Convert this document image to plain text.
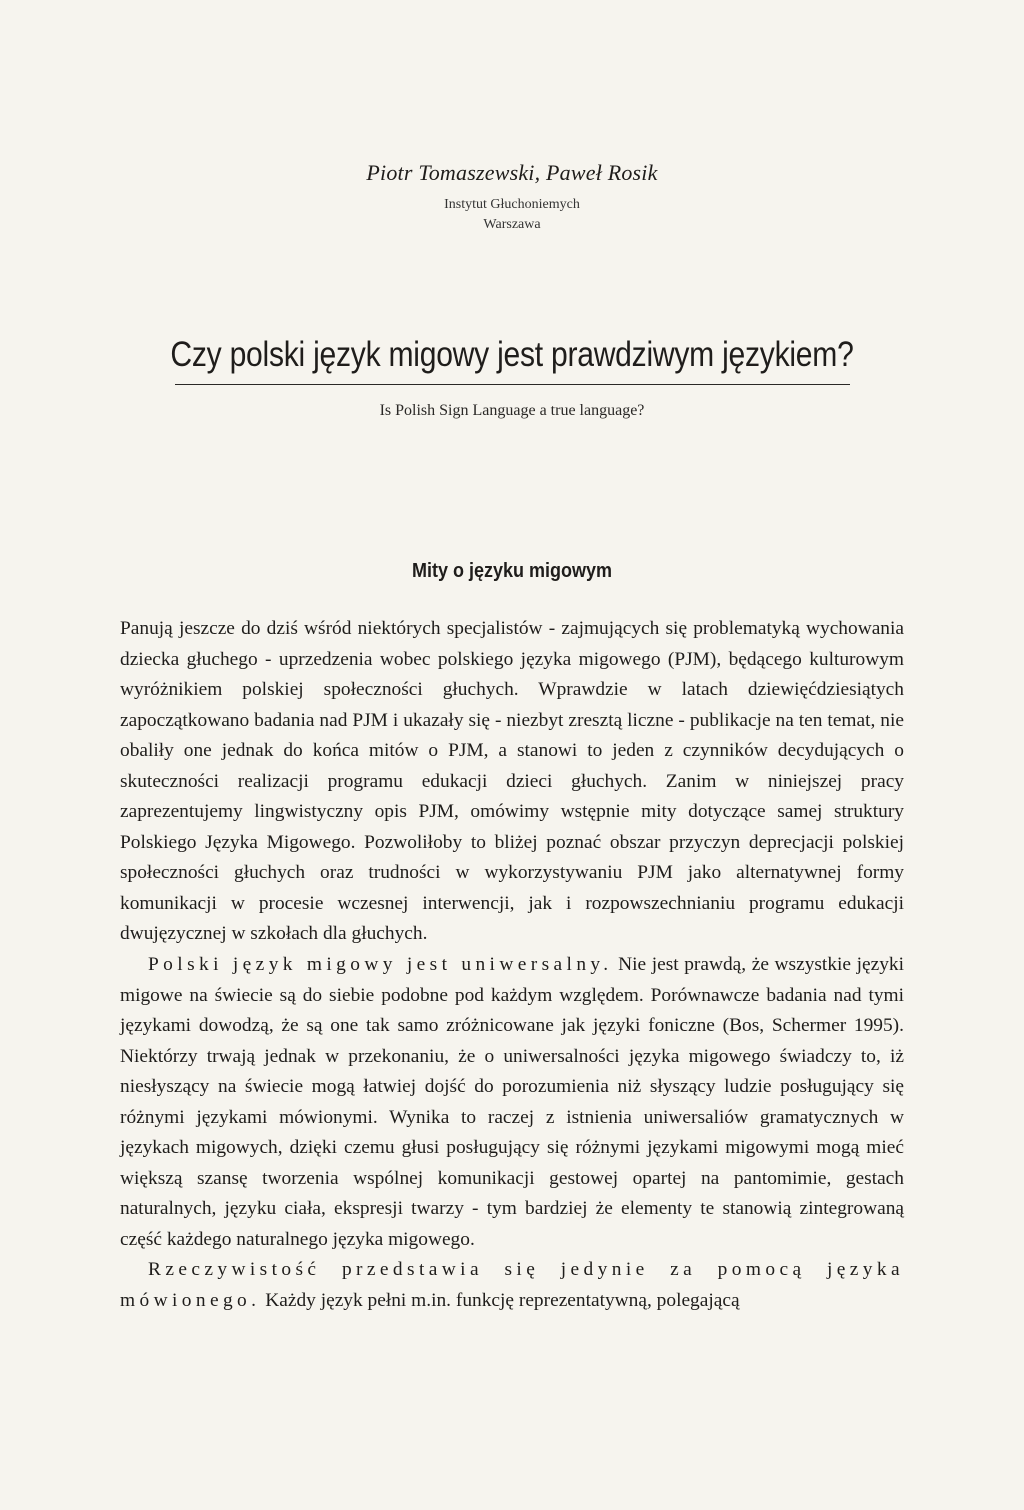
Piotr Tomaszewski, Paweł Rosik
Instytut Głuchoniemych
Warszawa
Czy polski język migowy jest prawdziwym językiem?
Is Polish Sign Language a true language?
Mity o języku migowym

Panują jeszcze do dziś wśród niektórych specjalistów - zajmujących się problematyką wychowania dziecka głuchego - uprzedzenia wobec polskiego języka migowego (PJM), będącego kulturowym wyróżnikiem polskiej społeczności głuchych. Wprawdzie w latach dziewięćdziesiątych zapoczątkowano badania nad PJM i ukazały się - niezbyt zresztą liczne - publikacje na ten temat, nie obaliły one jednak do końca mitów o PJM, a stanowi to jeden z czynników decydujących o skuteczności realizacji programu edukacji dzieci głuchych. Zanim w niniejszej pracy zaprezentujemy lingwistyczny opis PJM, omówimy wstępnie mity dotyczące samej struktury Polskiego Języka Migowego. Pozwoliłoby to bliżej poznać obszar przyczyn deprecjacji polskiej społeczności głuchych oraz trudności w wykorzystywaniu PJM jako alternatywnej formy komunikacji w procesie wczesnej interwencji, jak i rozpowszechnianiu programu edukacji dwujęzycznej w szkołach dla głuchych.

Polski język migowy jest uniwersalny. Nie jest prawdą, że wszystkie języki migowe na świecie są do siebie podobne pod każdym względem. Porównawcze badania nad tymi językami dowodzą, że są one tak samo zróżnicowane jak języki foniczne (Bos, Schermer 1995). Niektórzy trwają jednak w przekonaniu, że o uniwersalności języka migowego świadczy to, iż niesłyszący na świecie mogą łatwiej dojść do porozumienia niż słyszący ludzie posługujący się różnymi językami mówionymi. Wynika to raczej z istnienia uniwersaliów gramatycznych w językach migowych, dzięki czemu głusi posługujący się różnymi językami migowymi mogą mieć większą szansę tworzenia wspólnej komunikacji gestowej opartej na pantomimie, gestach naturalnych, języku ciała, ekspresji twarzy - tym bardziej że elementy te stanowią zintegrowaną część każdego naturalnego języka migowego.

Rzeczywistość przedstawia się jedynie za pomocą języka mówionego. Każdy język pełni m.in. funkcję reprezentatywną, polegającą
